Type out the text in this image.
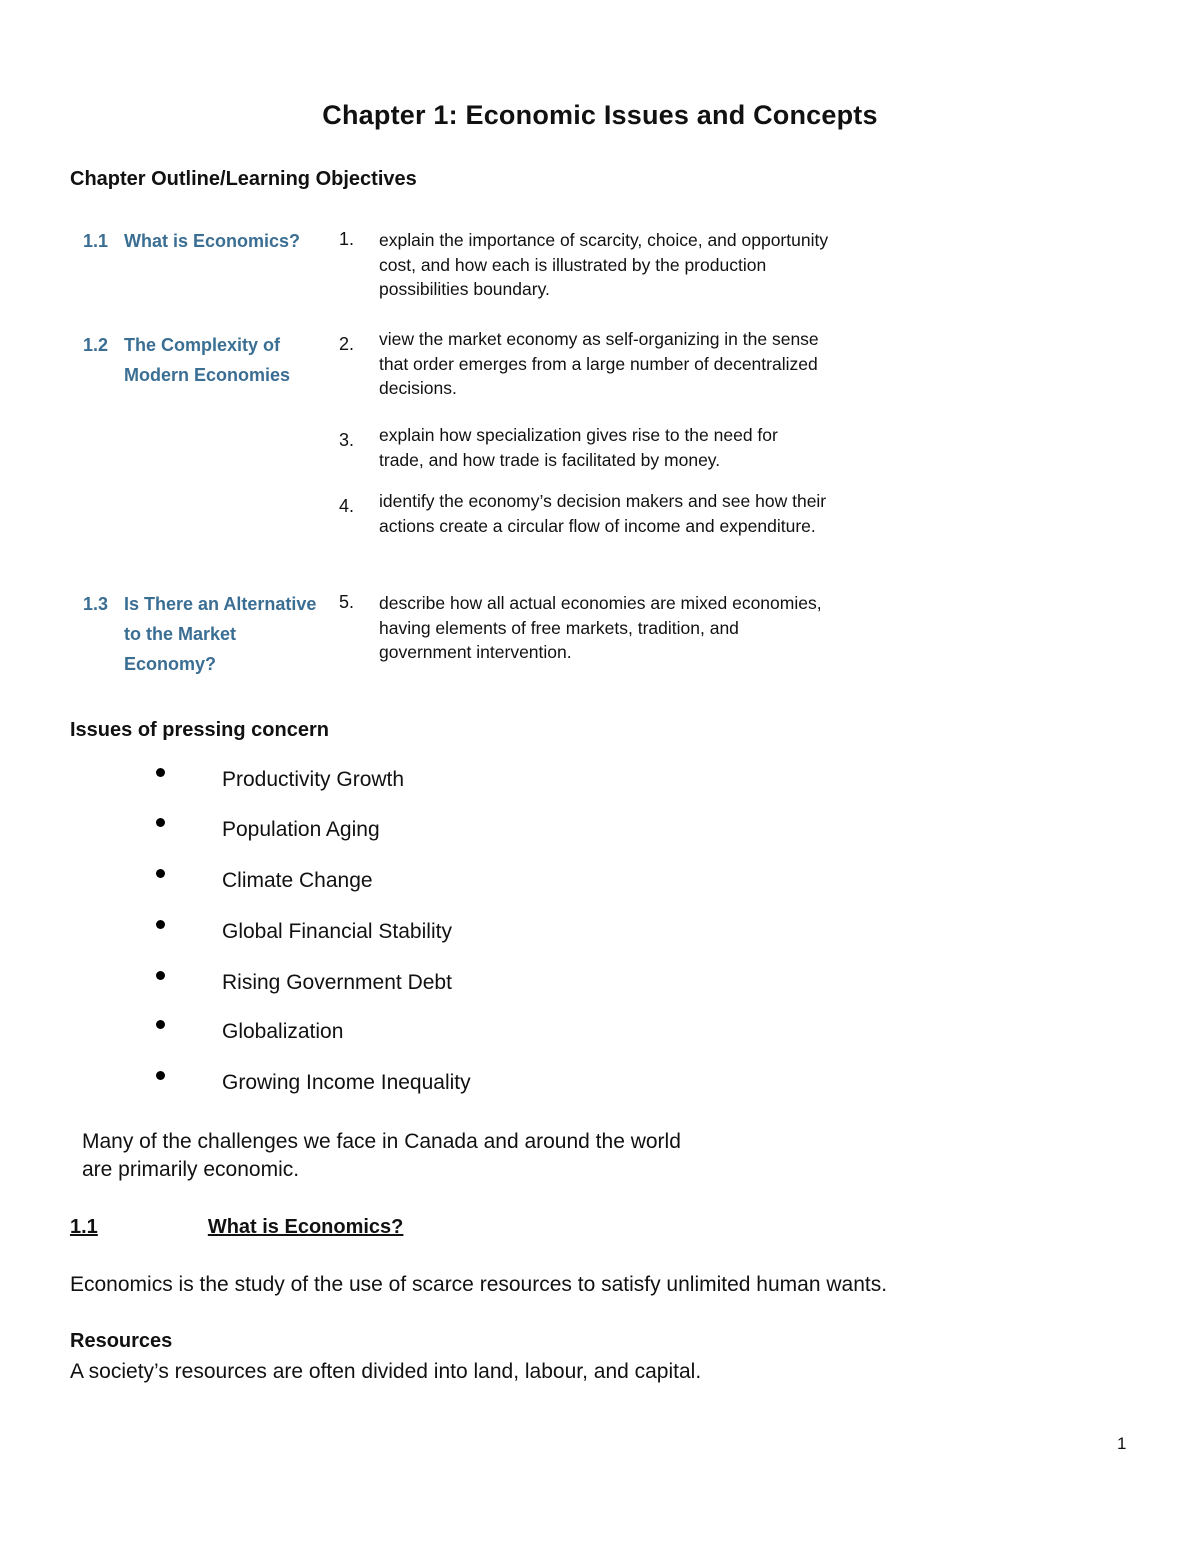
Chapter 1: Economic Issues and Concepts
Chapter Outline/Learning Objectives
1.1 What is Economics?
1.2 The Complexity of
Modern Economies
1.3 Is There an Alternative
to the Market
Economy?
1. explain the importance of scarcity, choice, and opportunity
cost, and how each is illustrated by the production
possibilities boundary.
2. view the market economy as self-organizing in the sense
that order emerges from a large number of decentralized
decisions.
3. explain how specialization gives rise to the need for
trade, and how trade is facilitated by money.
4. identify the economy’s decision makers and see how their
actions create a circular flow of income and expenditure.
5. describe how all actual economies are mixed economies,
having elements of free markets, tradition, and
government intervention.
Issues of pressing concern
Productivity Growth
Population Aging
Climate Change
Global Financial Stability
Rising Government Debt
Globalization
Growing Income Inequality
Many of the challenges we face in Canada and around the world
are primarily economic.
1.1	What is Economics?
Economics is the study of the use of scarce resources to satisfy unlimited human wants.
Resources
A society’s resources are often divided into land, labour, and capital.
1
